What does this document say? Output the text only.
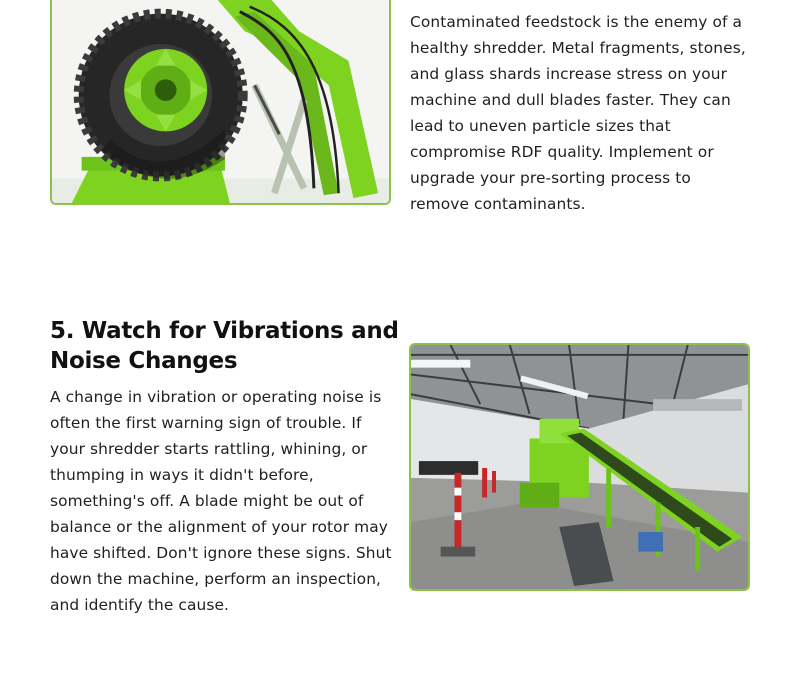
Contaminated feedstock is the enemy of a healthy shredder. Metal fragments, stones, and glass shards increase stress on your machine and dull blades faster. They can lead to uneven particle sizes that compromise RDF quality. Implement or upgrade your pre-sorting process to remove contaminants.

5. Watch for Vibrations and Noise Changes

A change in vibration or operating noise is often the first warning sign of trouble. If your shredder starts rattling, whining, or thumping in ways it didn't before, something's off. A blade might be out of balance or the alignment of your rotor may have shifted. Don't ignore these signs. Shut down the machine, perform an inspection, and identify the cause.
